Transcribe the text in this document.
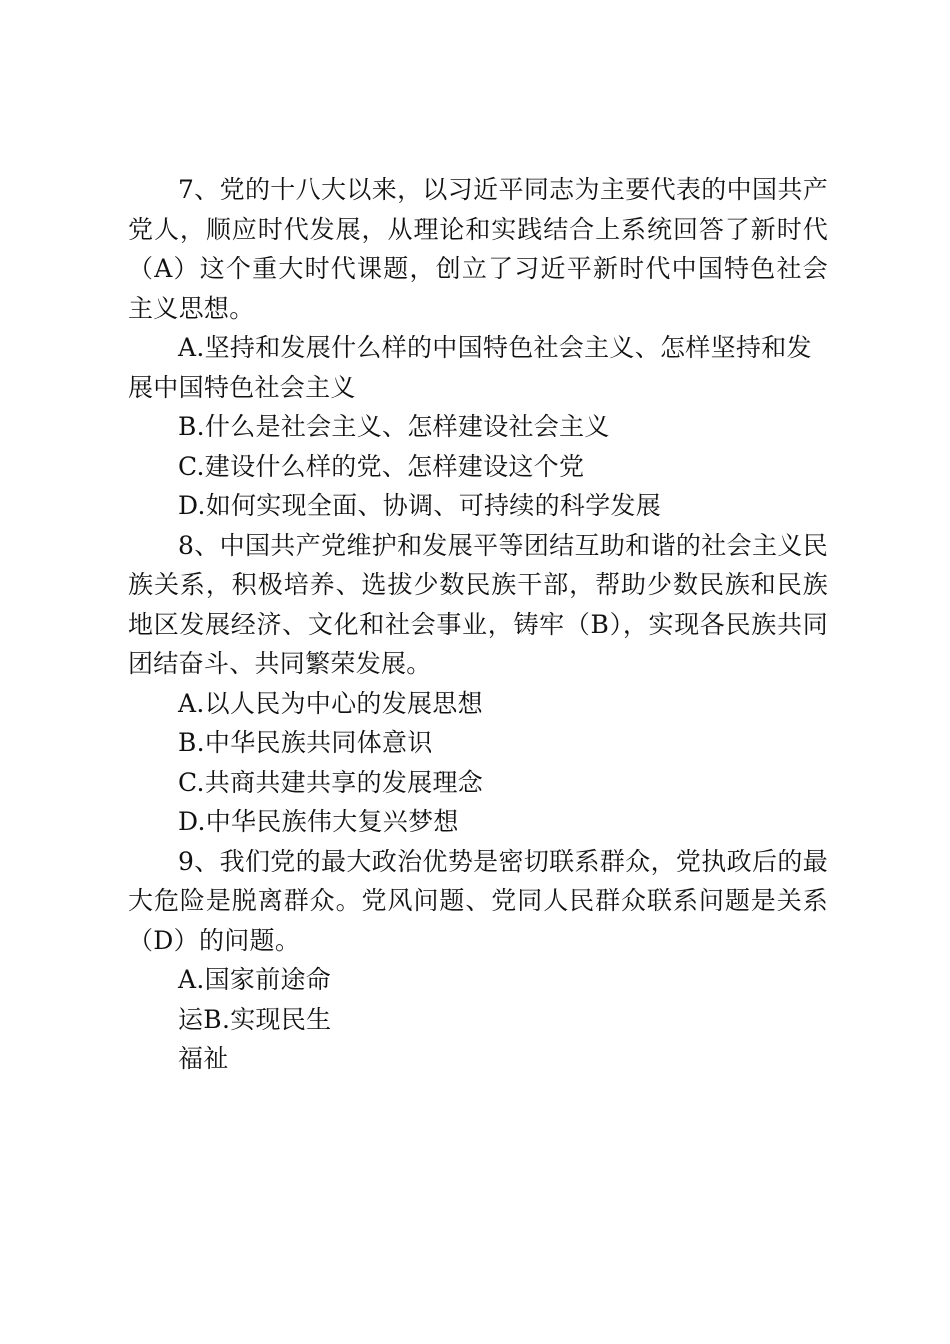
7、党的十八大以来，以习近平同志为主要代表的中国共产党人，顺应时代发展，从理论和实践结合上系统回答了新时代（A）这个重大时代课题，创立了习近平新时代中国特色社会主义思想。

A.坚持和发展什么样的中国特色社会主义、怎样坚持和发展中国特色社会主义

B.什么是社会主义、怎样建设社会主义

C.建设什么样的党、怎样建设这个党

D.如何实现全面、协调、可持续的科学发展

8、中国共产党维护和发展平等团结互助和谐的社会主义民族关系，积极培养、选拔少数民族干部，帮助少数民族和民族地区发展经济、文化和社会事业，铸牢（B），实现各民族共同团结奋斗、共同繁荣发展。

A.以人民为中心的发展思想

B.中华民族共同体意识

C.共商共建共享的发展理念

D.中华民族伟大复兴梦想

9、我们党的最大政治优势是密切联系群众，党执政后的最大危险是脱离群众。党风问题、党同人民群众联系问题是关系（D）的问题。

A.国家前途命

运B.实现民生

福祉
